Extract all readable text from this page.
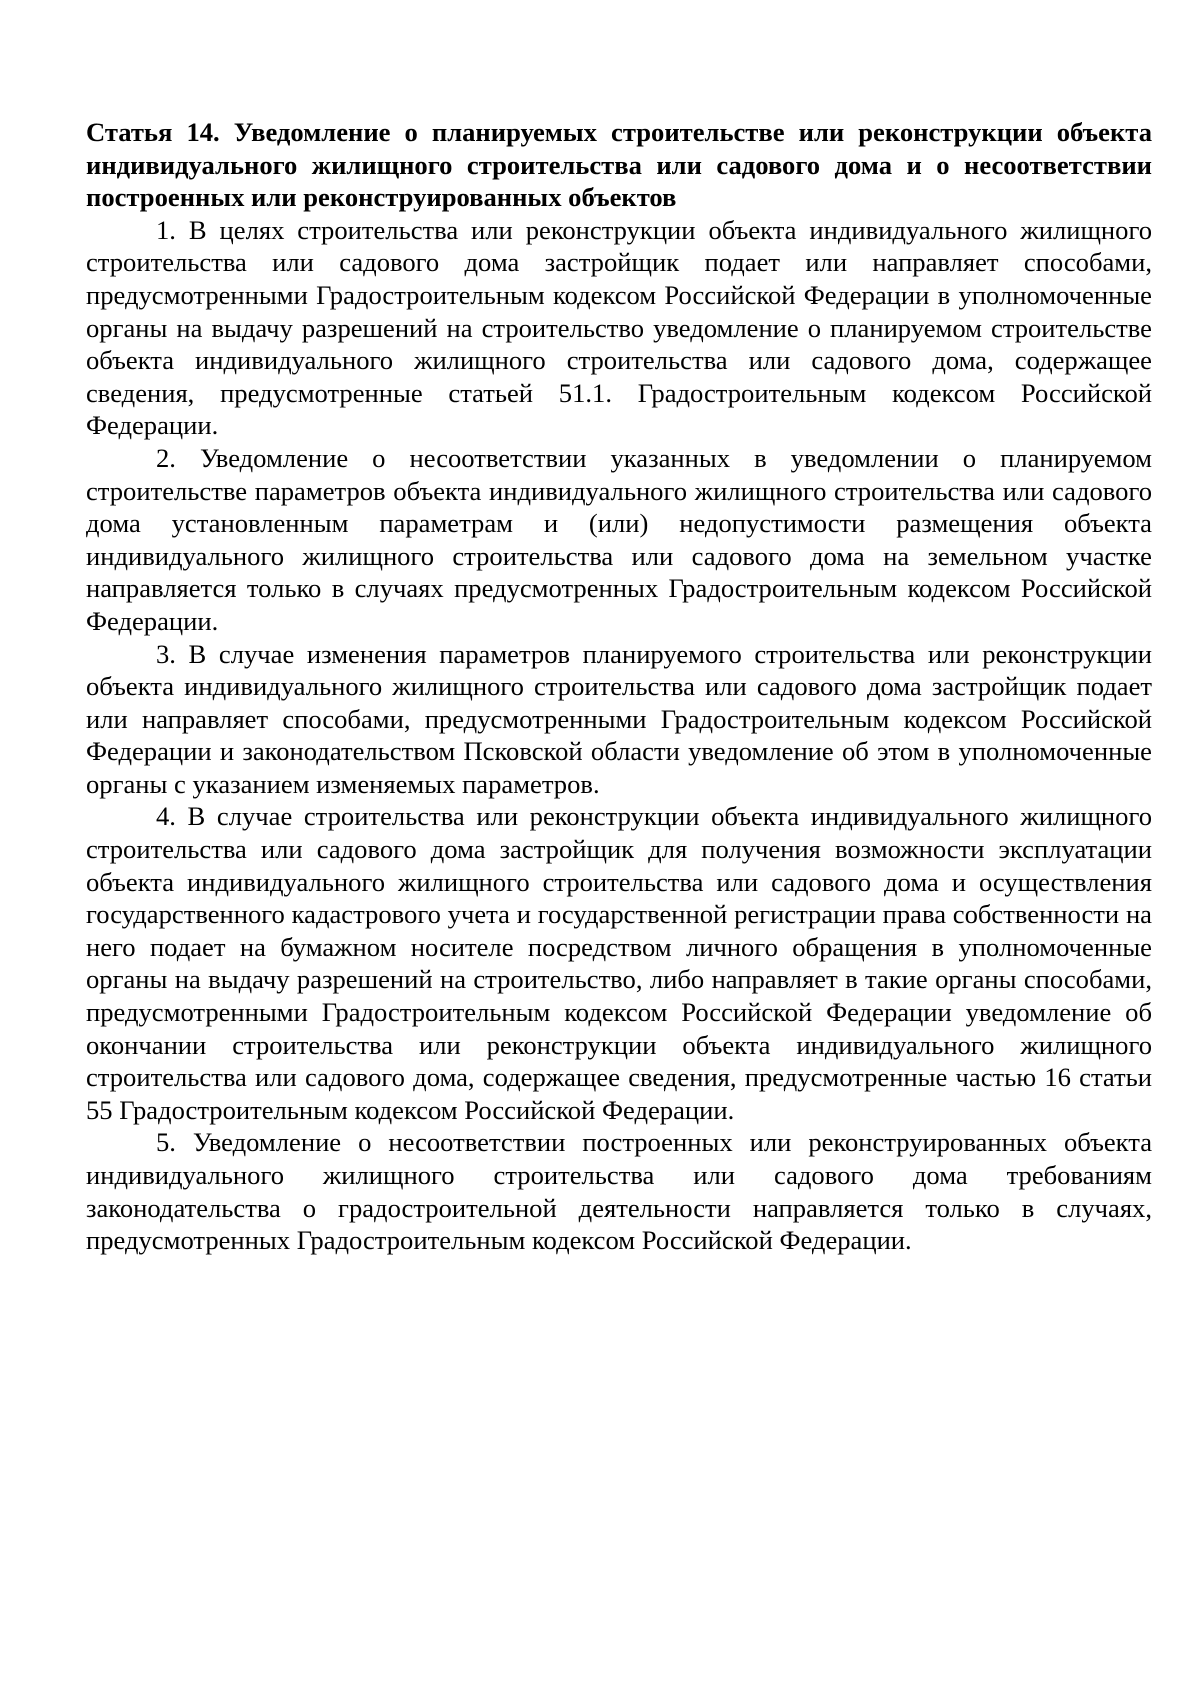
Статья 14. Уведомление о планируемых строительстве или реконструкции объекта индивидуального жилищного строительства или садового дома и о несоответствии построенных или реконструированных объектов

1. В целях строительства или реконструкции объекта индивидуального жилищного строительства или садового дома застройщик подает или направляет способами, предусмотренными Градостроительным кодексом Российской Федерации в уполномоченные органы на выдачу разрешений на строительство уведомление о планируемом строительстве объекта индивидуального жилищного строительства или садового дома, содержащее сведения, предусмотренные статьей 51.1. Градостроительным кодексом Российской Федерации.

2. Уведомление о несоответствии указанных в уведомлении о планируемом строительстве параметров объекта индивидуального жилищного строительства или садового дома установленным параметрам и (или) недопустимости размещения объекта индивидуального жилищного строительства или садового дома на земельном участке направляется только в случаях предусмотренных Градостроительным кодексом Российской Федерации.

3. В случае изменения параметров планируемого строительства или реконструкции объекта индивидуального жилищного строительства или садового дома застройщик подает или направляет способами, предусмотренными Градостроительным кодексом Российской Федерации и законодательством Псковской области уведомление об этом в уполномоченные органы с указанием изменяемых параметров.

4. В случае строительства или реконструкции объекта индивидуального жилищного строительства или садового дома застройщик для получения возможности эксплуатации объекта индивидуального жилищного строительства или садового дома и осуществления государственного кадастрового учета и государственной регистрации права собственности на него подает на бумажном носителе посредством личного обращения в уполномоченные органы на выдачу разрешений на строительство, либо направляет в такие органы способами, предусмотренными Градостроительным кодексом Российской Федерации уведомление об окончании строительства или реконструкции объекта индивидуального жилищного строительства или садового дома, содержащее сведения, предусмотренные частью 16 статьи 55 Градостроительным кодексом Российской Федерации.

5. Уведомление о несоответствии построенных или реконструированных объекта индивидуального жилищного строительства или садового дома требованиям законодательства о градостроительной деятельности направляется только в случаях, предусмотренных Градостроительным кодексом Российской Федерации.
